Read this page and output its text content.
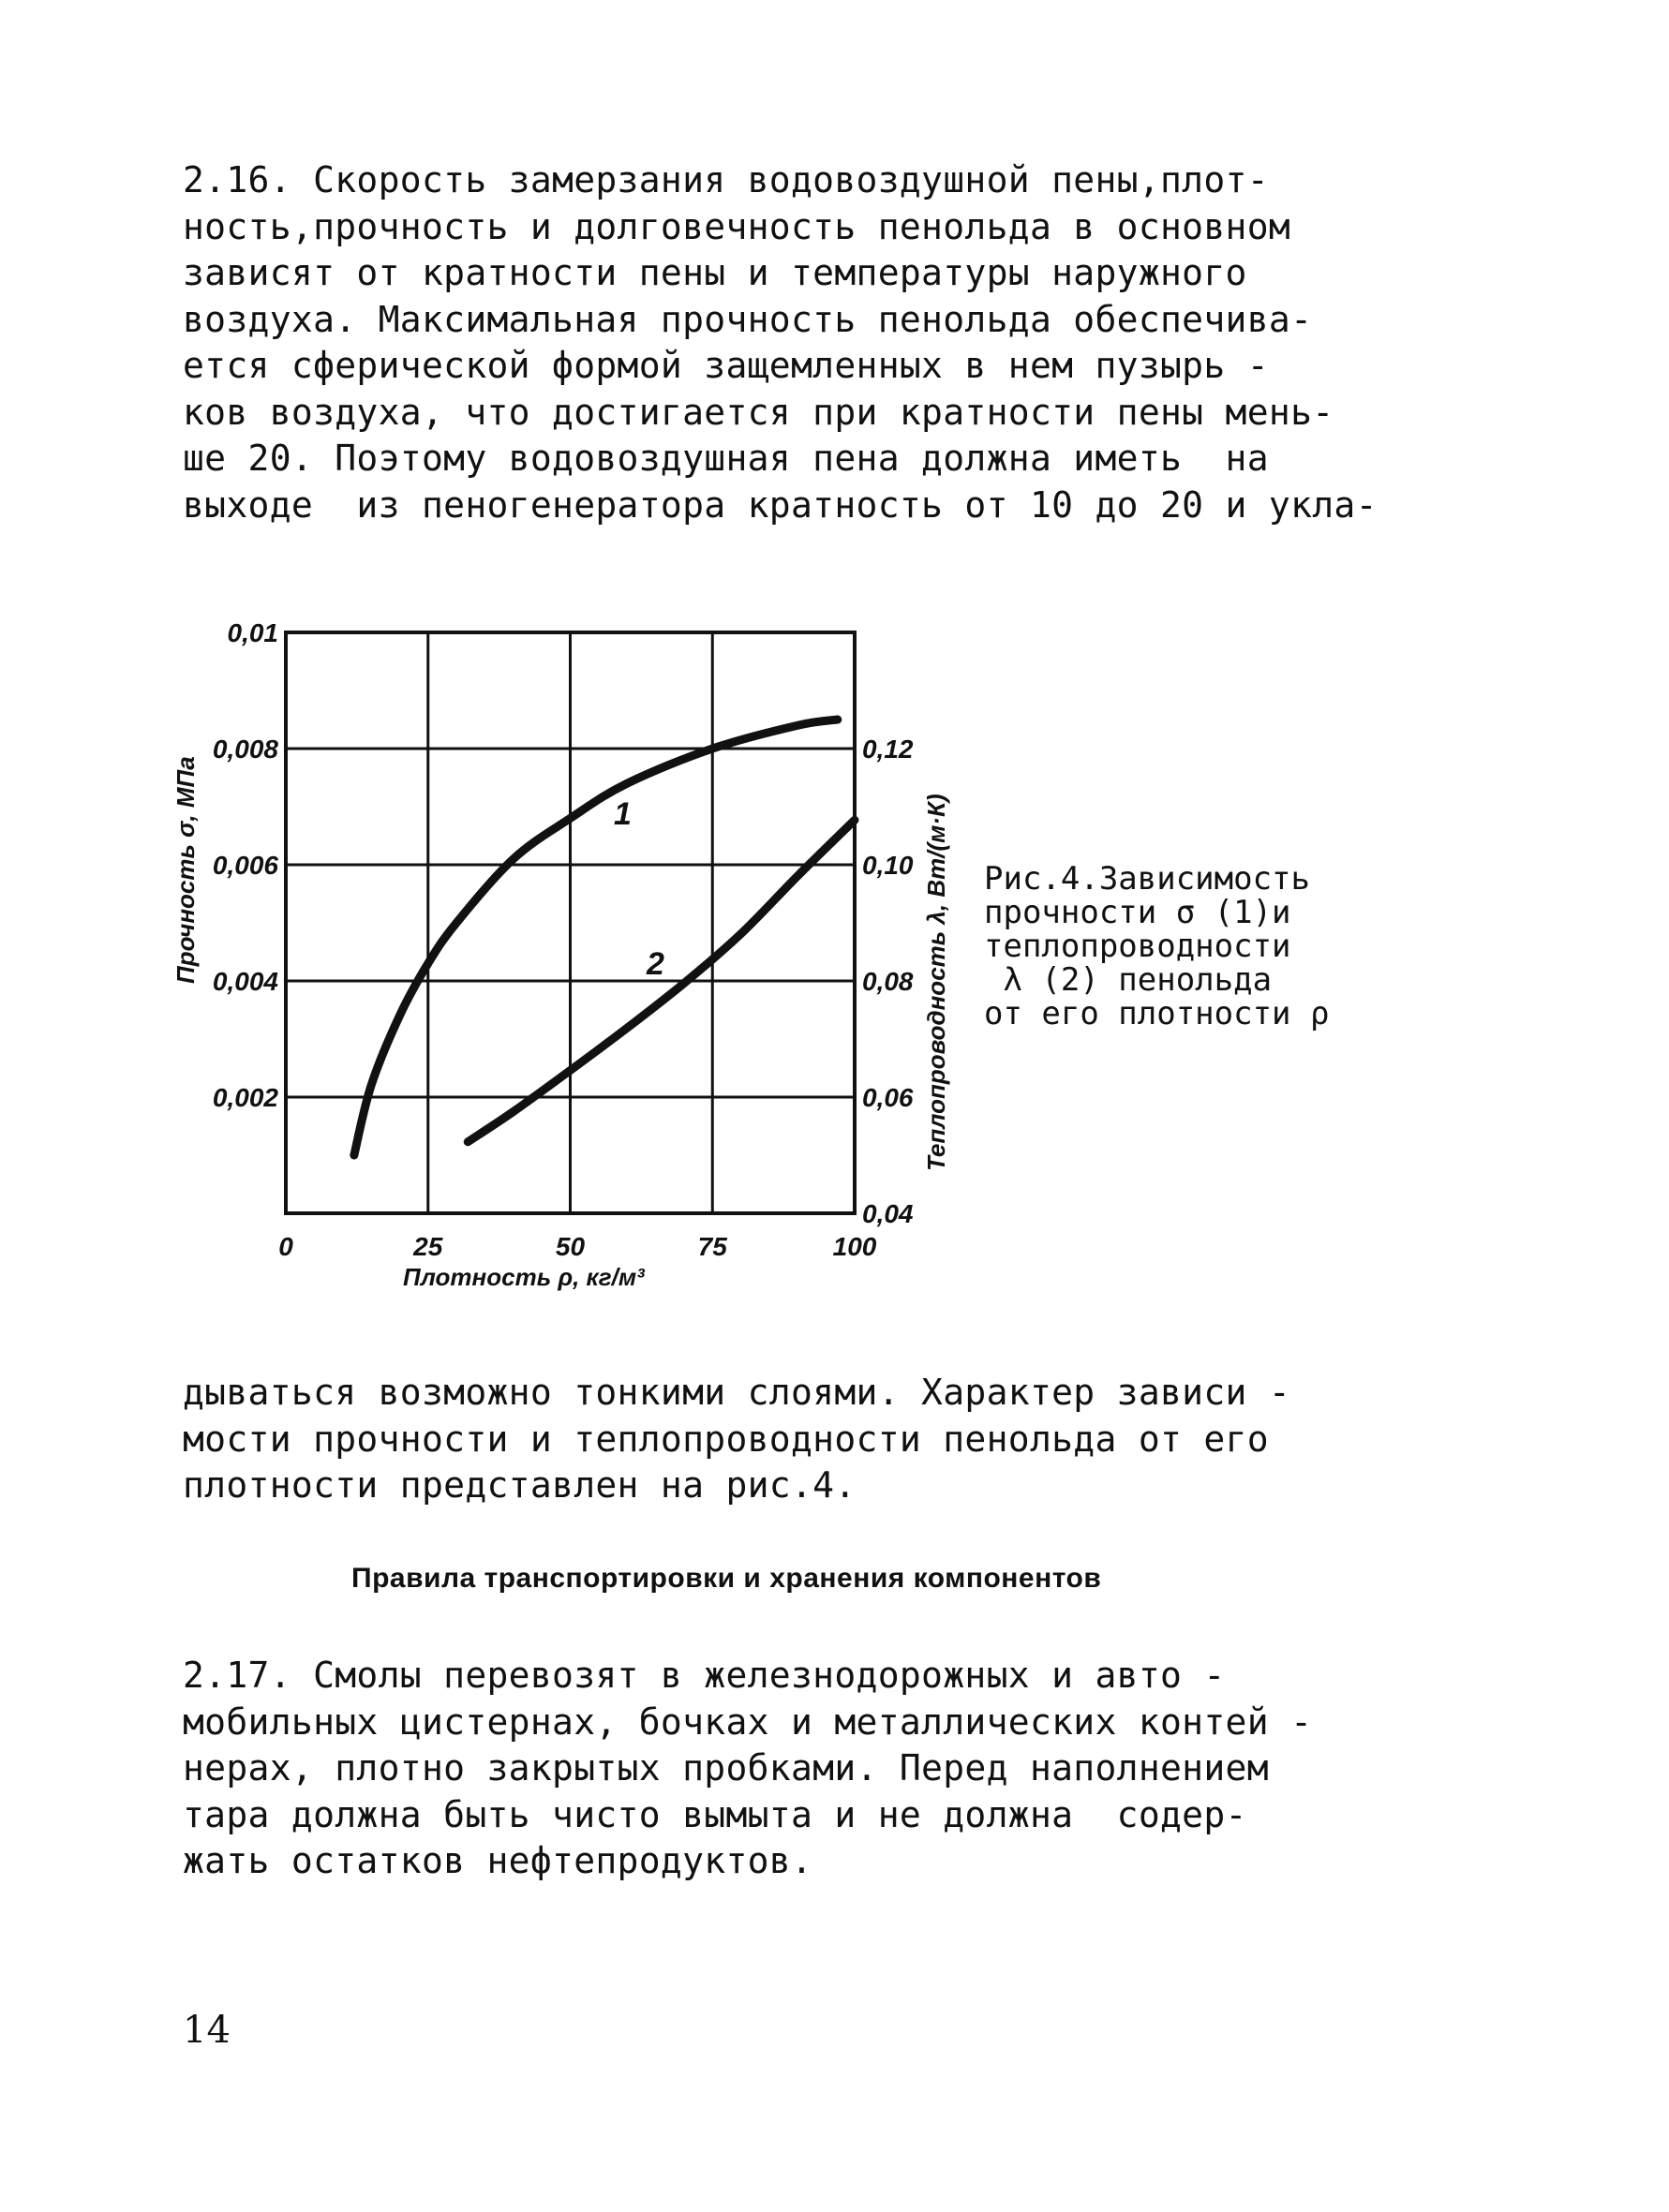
2.16. Скорость замерзания водовоздушной пены,плот-
ность,прочность и долговечность пенольда в основном
зависят от кратности пены и температуры наружного
воздуха. Максимальная прочность пенольда обеспечива-
ется сферической формой защемленных в нем пузырь -
ков воздуха, что достигается при кратности пены мень-
ше 20. Поэтому водовоздушная пена должна иметь  на
выходе  из пеногенератора кратность от 10 до 20 и укла-
0	25	50	75	100
0,002
0,004
0,006
0,008
0,01
0,04
0,06
0,08
0,10
0,12
1
2
Плотность ρ, кг/м³
Прочность σ, МПа	Теплопроводность λ, Вт/(м·К) Рис.4.Зависимость
прочности σ (1)и
теплопроводности
λ (2) пенольда
от его плотности ρ
дываться возможно тонкими слоями. Характер зависи -
мости прочности и теплопроводности пенольда от его
плотности представлен на рис.4.
Правила транспортировки и хранения компонентов
2.17. Смолы перевозят в железнодорожных и авто -
мобильных цистернах, бочках и металлических контей -
нерах, плотно закрытых пробками. Перед наполнением
тара должна быть чисто вымыта и не должна  содер-
жать остатков нефтепродуктов.
14
